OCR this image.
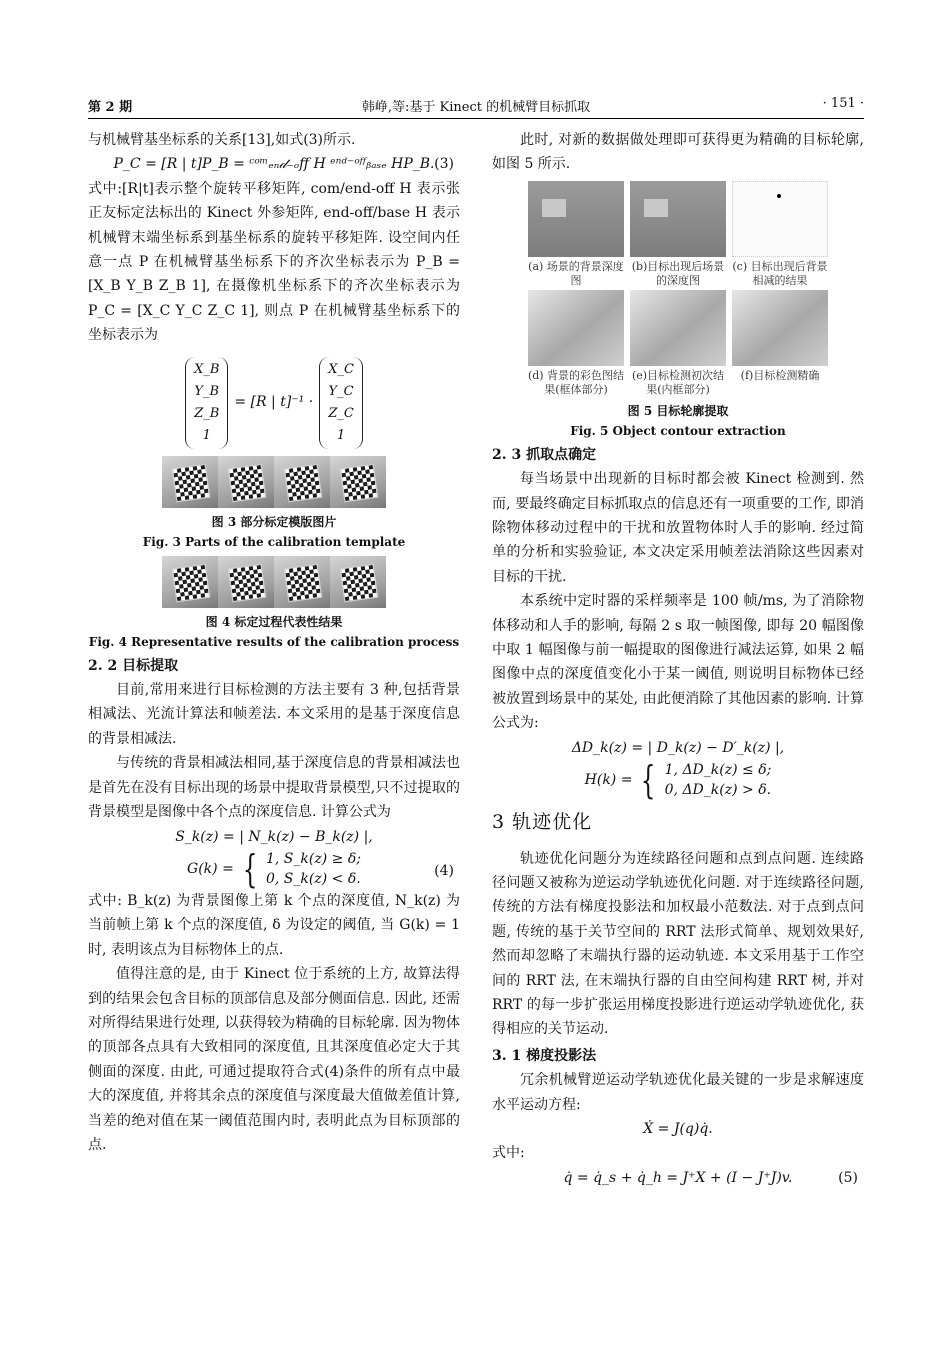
第 2 期	韩峥,等:基于 Kinect 的机械臂目标抓取	· 151 ·

与机械臂基坐标系的关系[13],如式(3)所示.

P_C = [R | t]P_B = ᶜᵒᵐₑₙ𝒹₋ₒff H ᵉⁿᵈ⁻ᵒᶠᶠᵦₐₛₑ HP_B. (3)

式中:[R|t]表示整个旋转平移矩阵, com/end-off H 表示张正友标定法标出的 Kinect 外参矩阵, end-off/base H 表示机械臂末端坐标系到基坐标系的旋转平移矩阵. 设空间内任意一点 P 在机械臂基坐标系下的齐次坐标表示为 P_B = [X_B Y_B Z_B 1], 在摄像机坐标系下的齐次坐标表示为 P_C = [X_C Y_C Z_C 1], 则点 P 在机械臂基坐标系下的坐标表示为

X_B
Y_B
Z_B
1
= [R | t]⁻¹ ·
X_C
Y_C
Z_C
1
图 3 部分标定模版图片
Fig. 3 Parts of the calibration template
图 4 标定过程代表性结果
Fig. 4 Representative results of the calibration process

2. 2 目标提取

目前,常用来进行目标检测的方法主要有 3 种,包括背景相减法、光流计算法和帧差法. 本文采用的是基于深度信息的背景相减法.

与传统的背景相减法相同,基于深度信息的背景相减法也是首先在没有目标出现的场景中提取背景模型,只不过提取的背景模型是图像中各个点的深度信息. 计算公式为

S_k(z) = | N_k(z) − B_k(z) |,

G(k) = { 1, S_k(z) ≥ δ;
0, S_k(z) < δ.	(4)

式中: B_k(z) 为背景图像上第 k 个点的深度值, N_k(z) 为当前帧上第 k 个点的深度值, δ 为设定的阈值, 当 G(k) = 1 时, 表明该点为目标物体上的点.

值得注意的是, 由于 Kinect 位于系统的上方, 故算法得到的结果会包含目标的顶部信息及部分侧面信息. 因此, 还需对所得结果进行处理, 以获得较为精确的目标轮廓. 因为物体的顶部各点具有大致相同的深度值, 且其深度值必定大于其侧面的深度. 由此, 可通过提取符合式(4)条件的所有点中最大的深度值, 并将其余点的深度值与深度最大值做差值计算, 当差的绝对值在某一阈值范围内时, 表明此点为目标顶部的点.

此时, 对新的数据做处理即可获得更为精确的目标轮廓, 如图 5 所示.

(a) 场景的背景深度图
(b)目标出现后场景的深度图
(c) 目标出现后背景相减的结果
(d) 背景的彩色图结果(框体部分)
(e)目标检测初次结果(内框部分)
(f)目标检测精确
图 5 目标轮廓提取
Fig. 5 Object contour extraction

2. 3 抓取点确定

每当场景中出现新的目标时都会被 Kinect 检测到. 然而, 要最终确定目标抓取点的信息还有一项重要的工作, 即消除物体移动过程中的干扰和放置物体时人手的影响. 经过简单的分析和实验验证, 本文决定采用帧差法消除这些因素对目标的干扰.

本系统中定时器的采样频率是 100 帧/ms, 为了消除物体移动和人手的影响, 每隔 2 s 取一帧图像, 即每 20 幅图像中取 1 幅图像与前一幅提取的图像进行减法运算, 如果 2 幅图像中点的深度值变化小于某一阈值, 则说明目标物体已经被放置到场景中的某处, 由此便消除了其他因素的影响. 计算公式为:

ΔD_k(z) = | D_k(z) − D′_k(z) |,

H(k) = { 1, ΔD_k(z) ≤ δ;
0, ΔD_k(z) > δ.

3 轨迹优化

轨迹优化问题分为连续路径问题和点到点问题. 连续路径问题又被称为逆运动学轨迹优化问题. 对于连续路径问题, 传统的方法有梯度投影法和加权最小范数法. 对于点到点问题, 传统的基于关节空间的 RRT 法形式简单、规划效果好, 然而却忽略了末端执行器的运动轨迹. 本文采用基于工作空间的 RRT 法, 在末端执行器的自由空间构建 RRT 树, 并对 RRT 的每一步扩张运用梯度投影进行逆运动学轨迹优化, 获得相应的关节运动.

3. 1 梯度投影法

冗余机械臂逆运动学轨迹优化最关键的一步是求解速度水平运动方程:

Ẋ = J(q)q̇.

式中:

q̇ = q̇_s + q̇_h = J⁺X + (I − J⁺J)v.	(5)
